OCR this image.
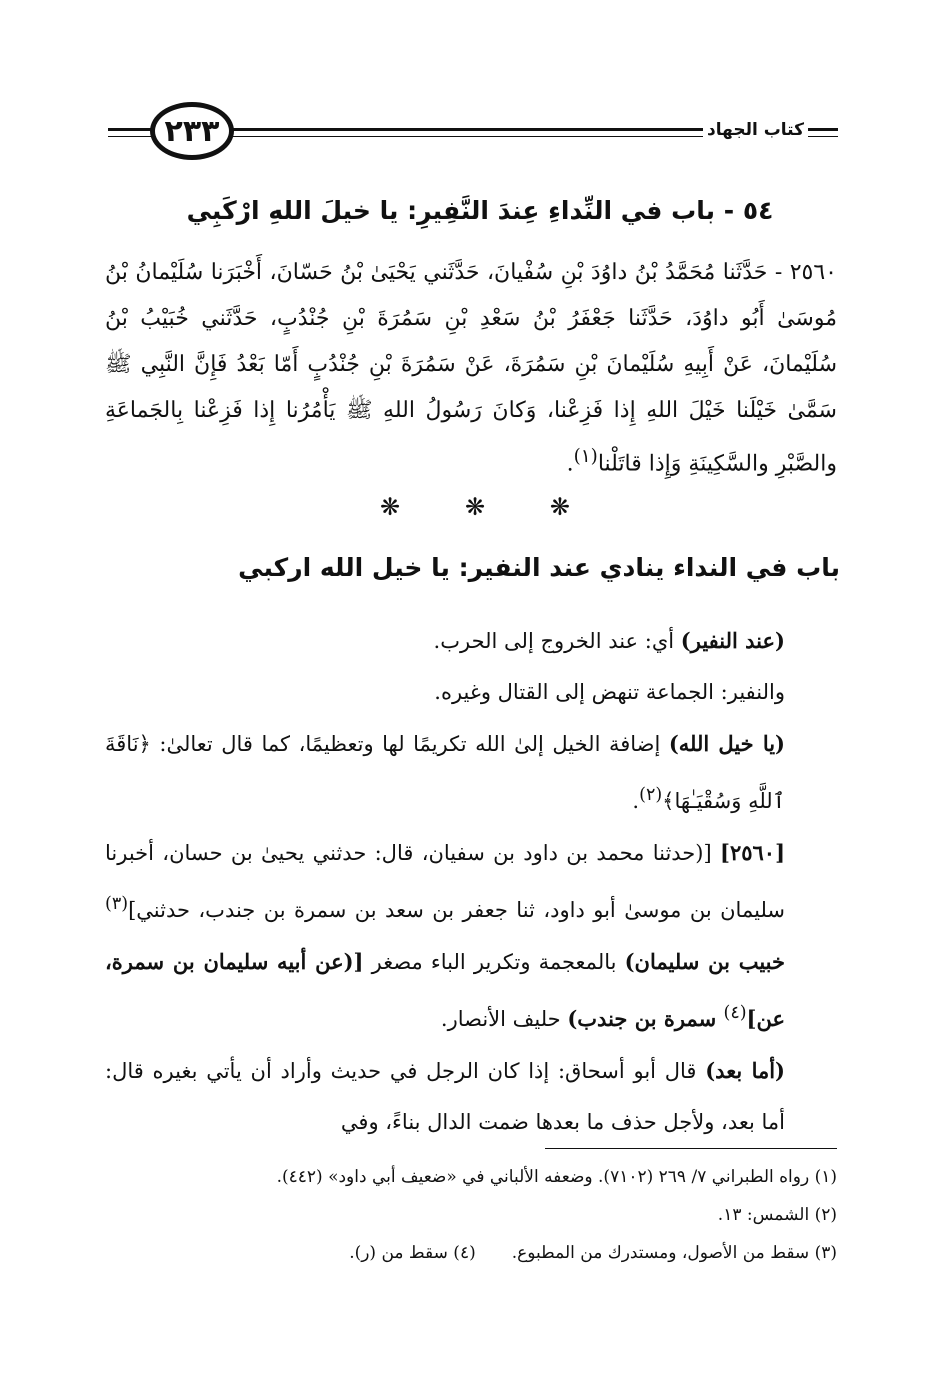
٢٣٣	كتاب الجهاد
٥٤ - باب في النِّداءِ عِندَ النَّفِيرِ: يا خيلَ اللهِ ارْكَبِي
٢٥٦٠ - حَدَّثَنا مُحَمَّدُ بْنُ داوُدَ بْنِ سُفْيانَ، حَدَّثَني يَحْيَىٰ بْنُ حَسّانَ، أَخْبَرَنا سُلَيْمانُ بْنُ مُوسَىٰ أَبُو داوُدَ، حَدَّثَنا جَعْفَرُ بْنُ سَعْدِ بْنِ سَمُرَةَ بْنِ جُنْدُبٍ، حَدَّثَني خُبَيْبُ بْنُ سُلَيْمانَ، عَنْ أَبِيهِ سُلَيْمانَ بْنِ سَمُرَةَ، عَنْ سَمُرَةَ بْنِ جُنْدُبٍ أَمّا بَعْدُ فَإِنَّ النَّبِي ﷺ سَمَّىٰ خَيْلَنا خَيْلَ اللهِ إِذا فَزِعْنا، وَكانَ رَسُولُ اللهِ ﷺ يَأْمُرُنا إِذا فَزِعْنا بِالجَماعَةِ والصَّبْرِ والسَّكِينَةِ وَإِذا قاتَلْنا$^{(١)}$.
❋	❋	❋
باب في النداء ينادي عند النفير: يا خيل الله اركبي

(عند النفير) أي: عند الخروج إلى الحرب.

والنفير: الجماعة تنهض إلى القتال وغيره.

(يا خيل الله) إضافة الخيل إلىٰ الله تكريمًا لها وتعظيمًا، كما قال تعالىٰ: ﴿نَاقَةَ ٱللَّهِ وَسُقْيَـٰهَا﴾$^{(٢)}$.

[٢٥٦٠] [(حدثنا محمد بن داود بن سفيان، قال: حدثني يحيىٰ بن حسان، أخبرنا سليمان بن موسىٰ أبو داود، ثنا جعفر بن سعد بن سمرة بن جندب، حدثني]$^{(٣)}$ خبيب بن سليمان) بالمعجمة وتكرير الباء مصغر [(عن أبيه سليمان بن سمرة، عن]$^{(٤)}$ سمرة بن جندب) حليف الأنصار.

(أما بعد) قال أبو أسحاق: إذا كان الرجل في حديث وأراد أن يأتي بغيره قال: أما بعد، ولأجل حذف ما بعدها ضمت الدال بناءً، وفي

(١) رواه الطبراني ٧/ ٢٦٩ (٧١٠٢). وضعفه الألباني في «ضعيف أبي داود» (٤٤٢).
(٢) الشمس: ١٣.
(٣) سقط من الأصول، ومستدرك من المطبوع.
(٤) سقط من (ر).
